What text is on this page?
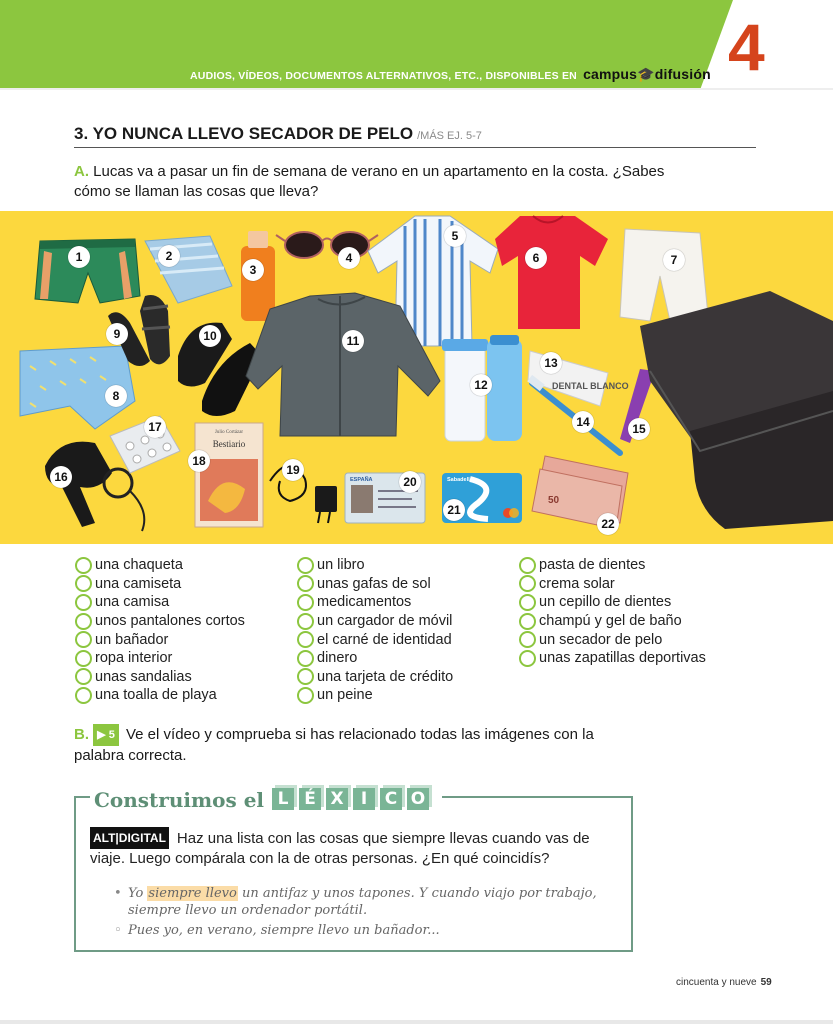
AUDIOS, VÍDEOS, DOCUMENTOS ALTERNATIVOS, ETC., DISPONIBLES EN campus🎓difusión 4
3. YO NUNCA LLEVO SECADOR DE PELO /MÁS EJ. 5-7
A. Lucas va a pasar un fin de semana de verano en un apartamento en la costa. ¿Sabes cómo se llaman las cosas que lleva?
DENTAL BLANCO
Julio Cortázar
Bestiario
ESPAÑA	Sabadell
50
1	2
3
4
5
6	7
8
9	10	11
12
13
14	15
16
17
18
19
20
21
22
una chaqueta
una camiseta
una camisa
unos pantalones cortos
un bañador
ropa interior
unas sandalias
una toalla de playa
un libro
unas gafas de sol
medicamentos
un cargador de móvil
el carné de identidad
dinero
una tarjeta de crédito
un peine
pasta de dientes
crema solar
un cepillo de dientes
champú y gel de baño
un secador de pelo
unas zapatillas deportivas
B. ▶ 5 Ve el vídeo y comprueba si has relacionado todas las imágenes con la palabra correcta.
Construimos el L É X	I	C O
ALT|DIGITAL Haz una lista con las cosas que siempre llevas cuando vas de viaje. Luego compárala con la de otras personas. ¿En qué coincidís?
• Yo siempre llevo un antifaz y unos tapones. Y cuando viajo por trabajo, siempre llevo un ordenador portátil.
◦ Pues yo, en verano, siempre llevo un bañador...
cincuenta y nueve 59
